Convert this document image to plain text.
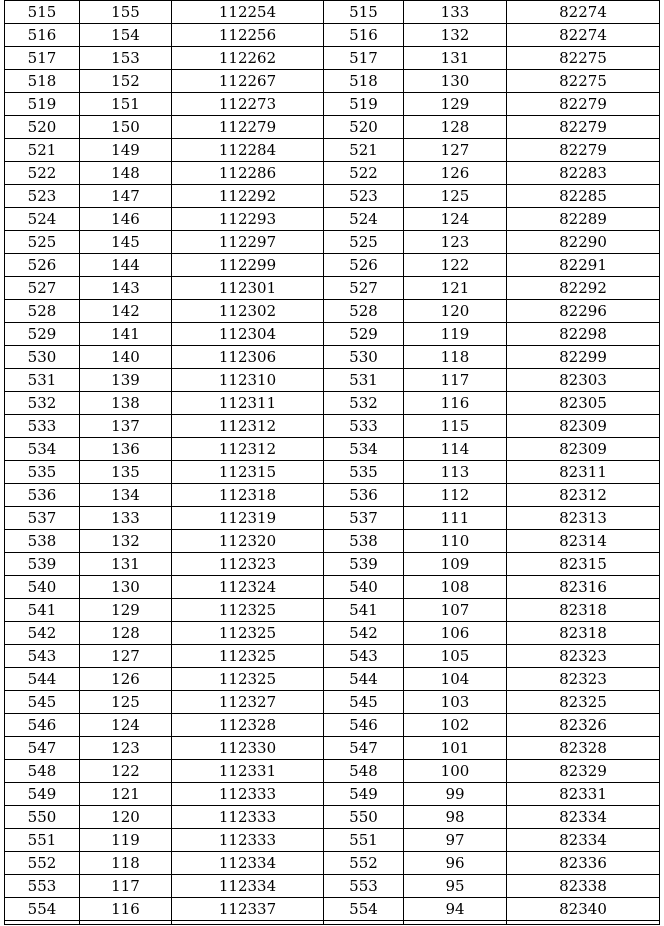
515	155	112254	515	133	82274
516	154	112256	516	132	82274
517	153	112262	517	131	82275
518	152	112267	518	130	82275
519	151	112273	519	129	82279
520	150	112279	520	128	82279
521	149	112284	521	127	82279
522	148	112286	522	126	82283
523	147	112292	523	125	82285
524	146	112293	524	124	82289
525	145	112297	525	123	82290
526	144	112299	526	122	82291
527	143	112301	527	121	82292
528	142	112302	528	120	82296
529	141	112304	529	119	82298
530	140	112306	530	118	82299
531	139	112310	531	117	82303
532	138	112311	532	116	82305
533	137	112312	533	115	82309
534	136	112312	534	114	82309
535	135	112315	535	113	82311
536	134	112318	536	112	82312
537	133	112319	537	111	82313
538	132	112320	538	110	82314
539	131	112323	539	109	82315
540	130	112324	540	108	82316
541	129	112325	541	107	82318
542	128	112325	542	106	82318
543	127	112325	543	105	82323
544	126	112325	544	104	82323
545	125	112327	545	103	82325
546	124	112328	546	102	82326
547	123	112330	547	101	82328
548	122	112331	548	100	82329
549	121	112333	549	99	82331
550	120	112333	550	98	82334
551	119	112333	551	97	82334
552	118	112334	552	96	82336
553	117	112334	553	95	82338
554	116	112337	554	94	82340
